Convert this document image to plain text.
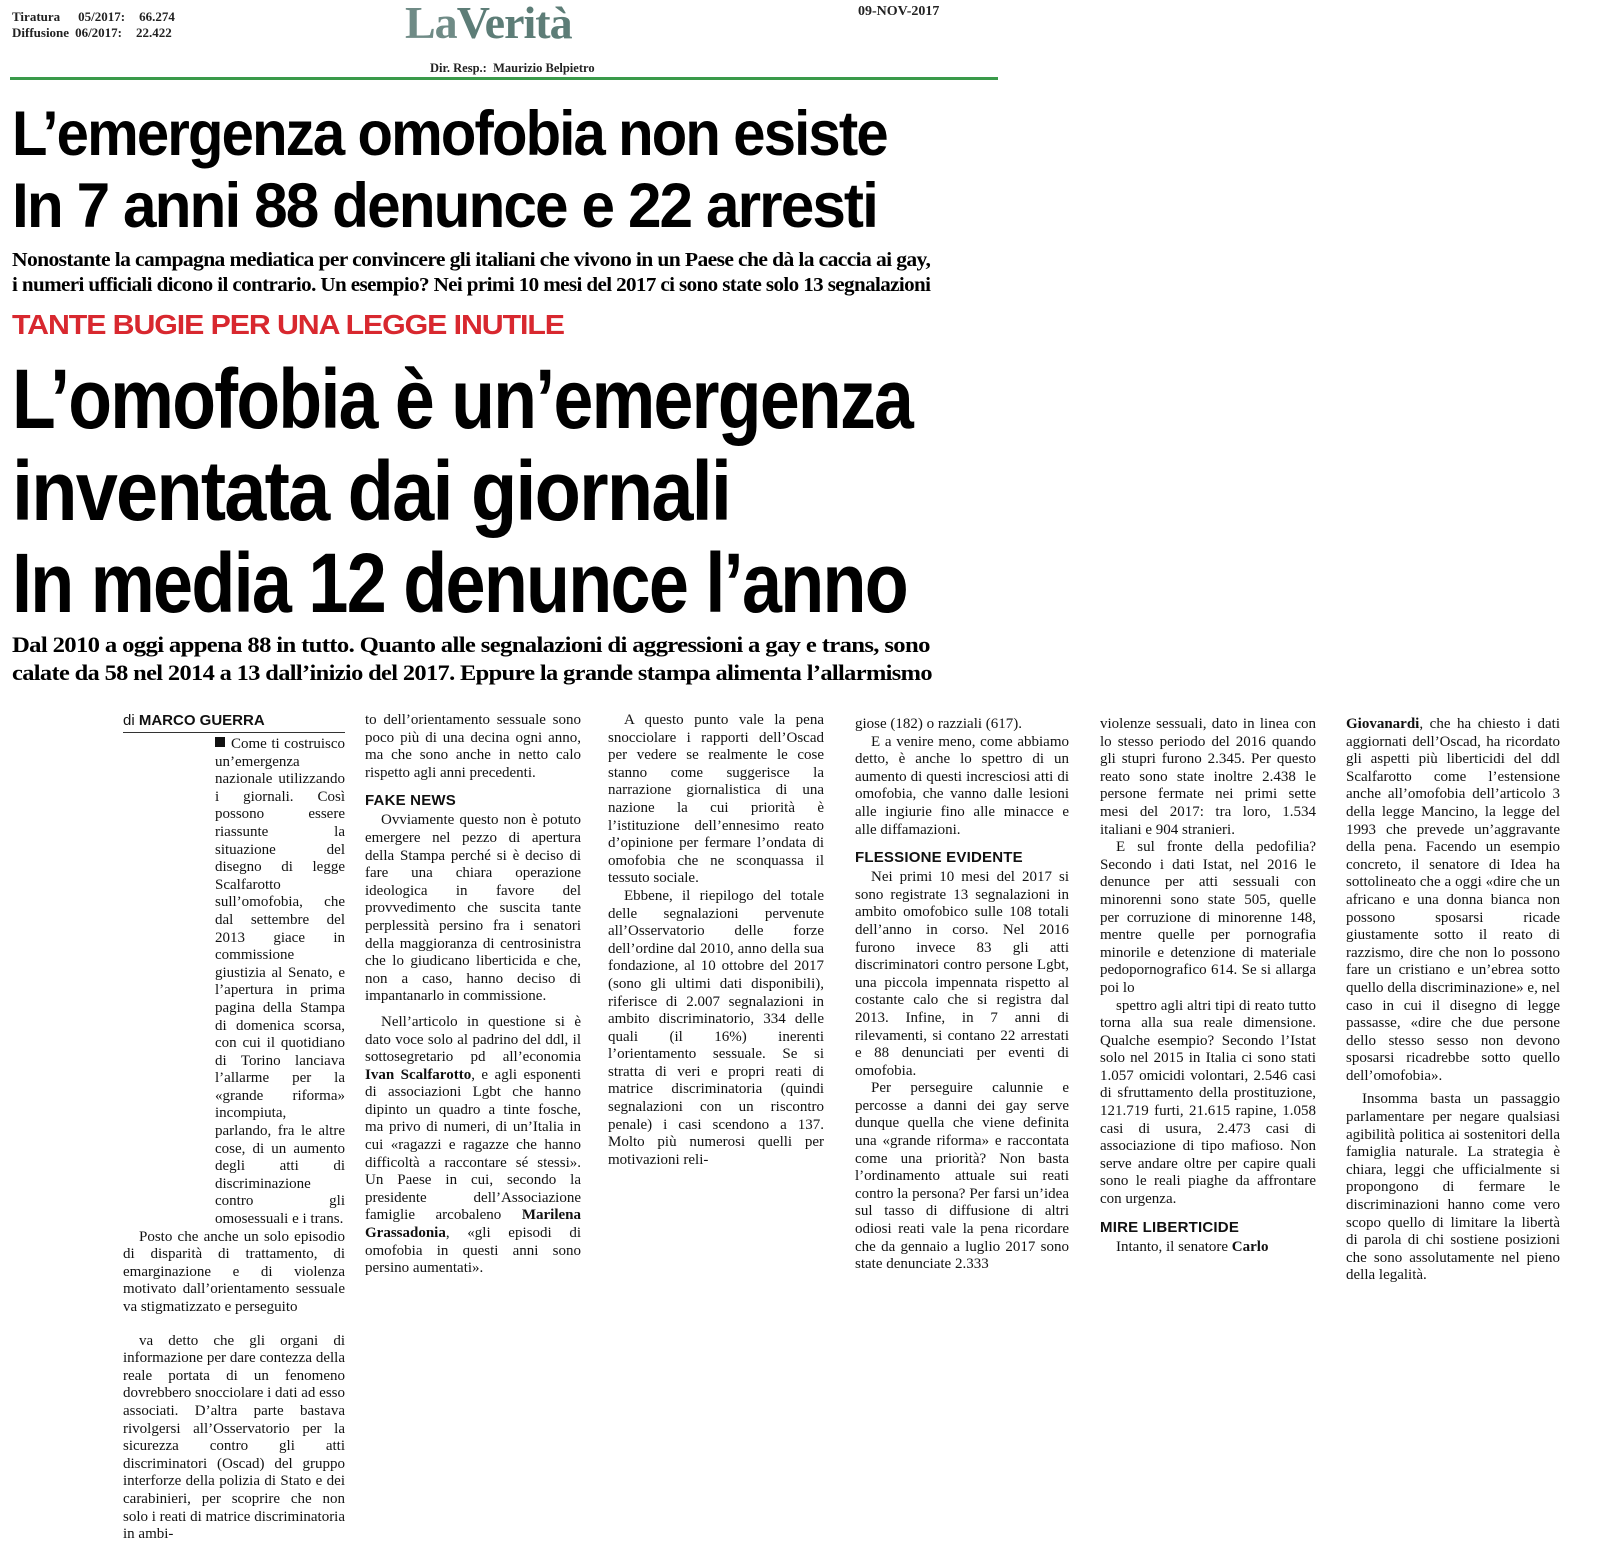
Tiratura 05/2017: 66.274
Diffusione 06/2017: 22.422	LaVerità	09-NOV-2017
Dir. Resp.:  Maurizio Belpietro
L’emergenza omofobia non esiste
In 7 anni 88 denunce e 22 arresti
Nonostante la campagna mediatica per convincere gli italiani che vivono in un Paese che dà la caccia ai gay,
i numeri ufficiali dicono il contrario. Un esempio? Nei primi 10 mesi del 2017 ci sono state solo 13 segnalazioni
TANTE BUGIE PER UNA LEGGE INUTILE
L’omofobia è un’emergenza
inventata dai giornali
In media 12 denunce l’anno
Dal 2010 a oggi appena 88 in tutto. Quanto alle segnalazioni di aggressioni a gay e trans, sono
calate da 58 nel 2014 a 13 dall’inizio del 2017. Eppure la grande stampa alimenta l’allarmismo
di MARCO GUERRA

Come ti costruisco un’emergenza nazionale utilizzando i giornali. Così possono essere riassunte la situazione del disegno di legge Scalfarotto sull’omofobia, che dal settembre del 2013 giace in commissione giustizia al Senato, e l’apertura in prima pagina della Stampa di domenica scorsa, con cui il quotidiano di Torino lanciava l’allarme per la «grande riforma» incompiuta, parlando, fra le altre cose, di un aumento degli atti di discriminazione contro gli omosessuali e i trans.

Posto che anche un solo episodio di disparità di trattamento, di emarginazione e di violenza motivato dall’orientamento sessuale va stigmatizzato e perseguito

va detto che gli organi di informazione per dare contezza della reale portata di un fenomeno dovrebbero snocciolare i dati ad esso associati. D’altra parte bastava rivolgersi all’Osservatorio per la sicurezza contro gli atti discriminatori (Oscad) del gruppo interforze della polizia di Stato e dei carabinieri, per scoprire che non solo i reati di matrice discriminatoria in ambi-

to dell’orientamento sessuale sono poco più di una decina ogni anno, ma che sono anche in netto calo rispetto agli anni precedenti.

FAKE NEWS

Ovviamente questo non è potuto emergere nel pezzo di apertura della Stampa perché si è deciso di fare una chiara operazione ideologica in favore del provvedimento che suscita tante perplessità persino fra i senatori della maggioranza di centrosinistra che lo giudicano liberticida e che, non a caso, hanno deciso di impantanarlo in commissione.

Nell’articolo in questione si è dato voce solo al padrino del ddl, il sottosegretario pd all’economia Ivan Scalfarotto, e agli esponenti di associazioni Lgbt che hanno dipinto un quadro a tinte fosche, ma privo di numeri, di un’Italia in cui «ragazzi e ragazze che hanno difficoltà a raccontare sé stessi». Un Paese in cui, secondo la presidente dell’Associazione famiglie arcobaleno Marilena Grassadonia, «gli episodi di omofobia in questi anni sono persino aumentati».

A questo punto vale la pena snocciolare i rapporti dell’Oscad per vedere se realmente le cose stanno come suggerisce la narrazione giornalistica di una nazione la cui priorità è l’istituzione dell’ennesimo reato d’opinione per fermare l’ondata di omofobia che ne sconquassa il tessuto sociale.

Ebbene, il riepilogo del totale delle segnalazioni pervenute all’Osservatorio delle forze dell’ordine dal 2010, anno della sua fondazione, al 10 ottobre del 2017 (sono gli ultimi dati disponibili), riferisce di 2.007 segnalazioni in ambito discriminatorio, 334 delle quali (il 16%) inerenti l’orientamento sessuale. Se si stratta di veri e propri reati di matrice discriminatoria (quindi segnalazioni con un riscontro penale) i casi scendono a 137. Molto più numerosi quelli per motivazioni reli-

giose (182) o razziali (617).

E a venire meno, come abbiamo detto, è anche lo spettro di un aumento di questi incresciosi atti di omofobia, che vanno dalle lesioni alle ingiurie fino alle minacce e alle diffamazioni.

FLESSIONE EVIDENTE

Nei primi 10 mesi del 2017 si sono registrate 13 segnalazioni in ambito omofobico sulle 108 totali dell’anno in corso. Nel 2016 furono invece 83 gli atti discriminatori contro persone Lgbt, una piccola impennata rispetto al costante calo che si registra dal 2013. Infine, in 7 anni di rilevamenti, si contano 22 arrestati e 88 denunciati per eventi di omofobia.

Per perseguire calunnie e percosse a danni dei gay serve dunque quella che viene definita una «grande riforma» e raccontata come una priorità? Non basta l’ordinamento attuale sui reati contro la persona? Per farsi un’idea sul tasso di diffusione di altri odiosi reati vale la pena ricordare che da gennaio a luglio 2017 sono state denunciate 2.333

violenze sessuali, dato in linea con lo stesso periodo del 2016 quando gli stupri furono 2.345. Per questo reato sono state inoltre 2.438 le persone fermate nei primi sette mesi del 2017: tra loro, 1.534 italiani e 904 stranieri.

E sul fronte della pedofilia? Secondo i dati Istat, nel 2016 le denunce per atti sessuali con minorenni sono state 505, quelle per corruzione di minorenne 148, mentre quelle per pornografia minorile e detenzione di materiale pedopornografico 614. Se si allarga poi lo

spettro agli altri tipi di reato tutto torna alla sua reale dimensione. Qualche esempio? Secondo l’Istat solo nel 2015 in Italia ci sono stati 1.057 omicidi volontari, 2.546 casi di sfruttamento della prostituzione, 121.719 furti, 21.615 rapine, 1.058 casi di usura, 2.473 casi di associazione di tipo mafioso. Non serve andare oltre per capire quali sono le reali piaghe da affrontare con urgenza.

MIRE LIBERTICIDE

Intanto, il senatore Carlo

Giovanardi, che ha chiesto i dati aggiornati dell’Oscad, ha ricordato gli aspetti più liberticidi del ddl Scalfarotto come l’estensione anche all’omofobia dell’articolo 3 della legge Mancino, la legge del 1993 che prevede un’aggravante della pena. Facendo un esempio concreto, il senatore di Idea ha sottolineato che a oggi «dire che un africano e una donna bianca non possono sposarsi ricade giustamente sotto il reato di razzismo, dire che non lo possono fare un cristiano e un’ebrea sotto quello della discriminazione» e, nel caso in cui il disegno di legge passasse, «dire che due persone dello stesso sesso non devono sposarsi ricadrebbe sotto quello dell’omofobia».

Insomma basta un passaggio parlamentare per negare qualsiasi agibilità politica ai sostenitori della famiglia naturale. La strategia è chiara, leggi che ufficialmente si propongono di fermare le discriminazioni hanno come vero scopo quello di limitare la libertà di parola di chi sostiene posizioni che sono assolutamente nel pieno della legalità.
